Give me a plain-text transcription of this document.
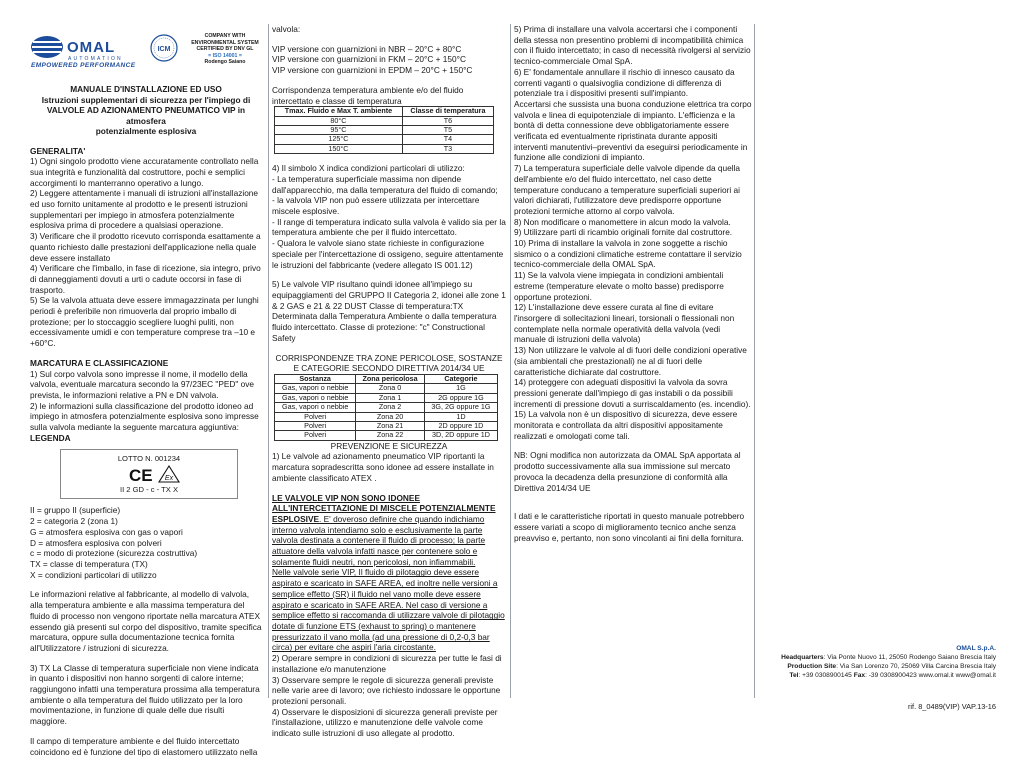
OMAL
AUTOMATION
EMPOWERED PERFORMANCE
ICM
COMPANY WITH
ENVIRONMENTAL SYSTEM
CERTIFIED BY DNV GL
= ISO 14001 =
Rodengo Saiano
MANUALE D'INSTALLAZIONE ED USO
Istruzioni supplementari di sicurezza per l'impiego di
VALVOLE AD AZIONAMENTO PNEUMATICO VIP in atmosfera
potenzialmente esplosiva
GENERALITA'

1) Ogni singolo prodotto viene accuratamente controllato nella sua integrità e funzionalità dal costruttore, pochi e semplici accorgimenti lo manterranno operativo a lungo.

2) Leggere attentamente i manuali di istruzioni all'installazione ed uso fornito unitamente al prodotto e le presenti istruzioni supplementari per impiego in atmosfera potenzialmente esplosiva prima di procedere a qualsiasi operazione.

3) Verificare che il prodotto ricevuto corrisponda esattamente a quanto richiesto dalle prestazioni dell'applicazione nella quale deve essere installato

4) Verificare che l'imballo, in fase di ricezione, sia integro, privo di danneggiamenti dovuti a urti o cadute occorsi in fase di trasporto.

5) Se la valvola attuata deve essere immagazzinata per lunghi periodi è preferibile non rimuoverla dal proprio imballo di protezione; per lo stoccaggio scegliere luoghi puliti, non eccessivamente umidi e con temperature comprese tra –10 e +60°C.

MARCATURA E CLASSIFICAZIONE

1) Sul corpo valvola sono impresse il nome, il modello della valvola, eventuale marcatura secondo la 97/23EC "PED" ove prevista, le informazioni relative a PN e DN valvola.

2) le informazioni sulla classificazione del prodotto idoneo ad impiego in atmosfera potenzialmente esplosiva sono impresse sulla valvola mediante la seguente marcatura aggiuntiva:

LEGENDA
LOTTO N. 001234
CE Ex
II 2 GD - c - TX X

II = gruppo II (superficie)

2 = categoria 2 (zona 1)

G = atmosfera esplosiva con gas o vapori

D = atmosfera esplosiva con polveri

c = modo di protezione (sicurezza costruttiva)

TX = classe di temperatura (TX)

X = condizioni particolari di utilizzo

Le informazioni relative al fabbricante, al modello di valvola, alla temperatura ambiente e alla massima temperatura del fluido di processo non vengono riportate nella marcatura ATEX essendo già presenti sul corpo del dispositivo, tramite specifica marcatura, oppure sulla documentazione tecnica fornita all'Utilizzatore / istruzioni di sicurezza.

3) TX La Classe di temperatura superficiale non viene indicata in quanto i dispositivi non hanno sorgenti di calore interne; raggiungono infatti una temperatura prossima alla temperatura ambiente o alla temperatura del fluido utilizzato per la loro movimentazione, in funzione di quale delle due risulti maggiore.

Il campo di temperature ambiente e del fluido intercettato coincidono ed è funzione del tipo di elastomero utilizzato nella

valvola:

VIP versione con guarnizioni in NBR – 20°C + 80°C

VIP versione con guarnizioni in FKM – 20°C + 150°C

VIP versione con guarnizioni in EPDM – 20°C + 150°C

Corrispondenza temperatura ambiente e/o del fluido intercettato e classe di temperatura

Tmax. Fluido e Max T. ambiente	Classe di temperatura
80°C	T6
95°C	T5
125°C	T4
150°C	T3

4) Il simbolo X indica condizioni particolari di utilizzo:

- La temperatura superficiale massima non dipende dall'apparecchio, ma dalla temperatura del fluido di comando;

- la valvola VIP non può essere utilizzata per intercettare miscele esplosive.

- Il range di temperatura indicato sulla valvola è valido sia per la temperatura ambiente che per il fluido intercettato.

- Qualora le valvole siano state richieste in configurazione speciale per l'intercettazione di ossigeno, seguire attentamente le istruzioni del fabbricante (vedere allegato IS 001.12)

5) Le valvole VIP risultano quindi idonee all'impiego su equipaggiamenti del GRUPPO II Categoria 2, idonei alle zone 1 & 2 GAS e 21 & 22 DUST Classe di temperatura:TX Determinata dalla Temperatura Ambiente o dalla temperatura fluido intercettato. Classe di protezione: "c" Constructional Safety

CORRISPONDENZE TRA ZONE PERICOLOSE, SOSTANZE E CATEGORIE SECONDO DIRETTIVA 2014/34 UE

Sostanza	Zona pericolosa	Categorie
Gas, vapori o nebbie	Zona 0	1G
Gas, vapori o nebbie	Zona 1	2G oppure 1G
Gas, vapori o nebbie	Zona 2	3G, 2G oppure 1G
Polveri	Zona 20	1D
Polveri	Zona 21	2D oppure 1D
Polveri	Zona 22	3D, 2D oppure 1D

PREVENZIONE E SICUREZZA

1) Le valvole ad azionamento pneumatico VIP riportanti la marcatura sopradescritta sono idonee ad essere installate in ambiente classificato ATEX .

LE VALVOLE VIP NON SONO IDONEE ALL'INTERCETTAZIONE DI MISCELE POTENZIALMENTE ESPLOSIVE. E' doveroso definire che quando indichiamo interno valvola intendiamo solo e esclusivamente la parte valvola destinata a contenere il fluido di processo; la parte attuatore della valvola infatti nasce per contenere solo e solamente fluidi neutri, non pericolosi, non infiammabili.

Nelle valvole serie VIP, Il fluido di pilotaggio deve essere aspirato e scaricato in SAFE AREA, ed inoltre nelle versioni a semplice effetto (SR) il fluido nel vano molle deve essere aspirato e scaricato in SAFE AREA. Nel caso di versione a semplice effetto si raccomanda di utilizzare valvole di pilotaggio dotate di funzione ETS (exhaust to spring) o mantenere pressurizzato il vano molla (ad una pressione di 0,2-0,3 bar circa) per evitare che aspiri l'aria circostante.

2) Operare sempre in condizioni di sicurezza per tutte le fasi di installazione e/o manutenzione

3) Osservare sempre le regole di sicurezza generali previste nelle varie aree di lavoro; ove richiesto indossare le opportune protezioni personali.

4) Osservare le disposizioni di sicurezza generali previste per l'installazione, utilizzo e manutenzione delle valvole come indicato sulle istruzioni di uso allegate al prodotto.

5) Prima di installare una valvola accertarsi che i componenti della stessa non presentino problemi di incompatibilità chimica con il fluido intercettato; in caso di necessità rivolgersi al servizio tecnico-commerciale Omal SpA.

6) E' fondamentale annullare il rischio di innesco causato da correnti vaganti o qualsivoglia condizione di differenza di potenziale tra i dispositivi presenti sull'impianto.

Accertarsi che sussista una buona conduzione elettrica tra corpo valvola e linea di equipotenziale di impianto. L'efficienza e la bontà di detta connessione deve obbligatoriamente essere verificata ed eventualmente ripristinata durante appositi interventi manutentivi–preventivi da eseguirsi periodicamente in funzione alle condizioni di impianto.

7) La temperatura superficiale delle valvole dipende da quella dell'ambiente e/o del fluido intercettato, nel caso dette temperature conducano a temperature superficiali superiori ai valori dichiarati, l'utilizzatore deve predisporre opportune protezioni termiche attorno al corpo valvola.

8) Non modificare o manomettere in alcun modo la valvola.

9) Utilizzare parti di ricambio originali fornite dal costruttore.

10) Prima di installare la valvola in zone soggette a rischio sismico o a condizioni climatiche estreme contattare il servizio tecnico-commerciale della OMAL SpA.

11) Se la valvola viene impiegata in condizioni ambientali estreme (temperature elevate o molto basse) predisporre opportune protezioni.

12) L'installazione deve essere curata al fine di evitare l'insorgere di sollecitazioni lineari, torsionali o flessionali non contemplate nella normale operatività della valvola (vedi manuale di istruzioni della valvola)

13) Non utilizzare le valvole al di fuori delle condizioni operative (sia ambientali che prestazionali) ne al di fuori delle caratteristiche dichiarate dal costruttore.

14) proteggere con adeguati dispositivi la valvola da sovra pressioni generate dall'impiego di gas instabili o da possibili incrementi di pressione dovuti a surriscaldamento (es. incendio).

15) La valvola non è un dispositivo di sicurezza, deve essere monitorata e controllata da altri dispositivi appositamente realizzati e omologati come tali.

NB: Ogni modifica non autorizzata da OMAL SpA apportata al prodotto successivamente alla sua immissione sul mercato provoca la decadenza della presunzione di conformità alla Direttiva 2014/34 UE

I dati e le caratteristiche riportati in questo manuale potrebbero essere variati a scopo di miglioramento tecnico anche senza preavviso e, pertanto, non sono vincolanti ai fini della fornitura.

OMAL S.p.A.
Headquarters: Via Ponte Nuovo 11, 25050 Rodengo Saiano Brescia Italy
Production Site: Via San Lorenzo 70, 25069 Villa Carcina Brescia Italy
Tel: +39 0308900145 Fax: -39 0308900423 www.omal.it www@omal.it
rif. 8_0489(VIP) VAP.13-16
